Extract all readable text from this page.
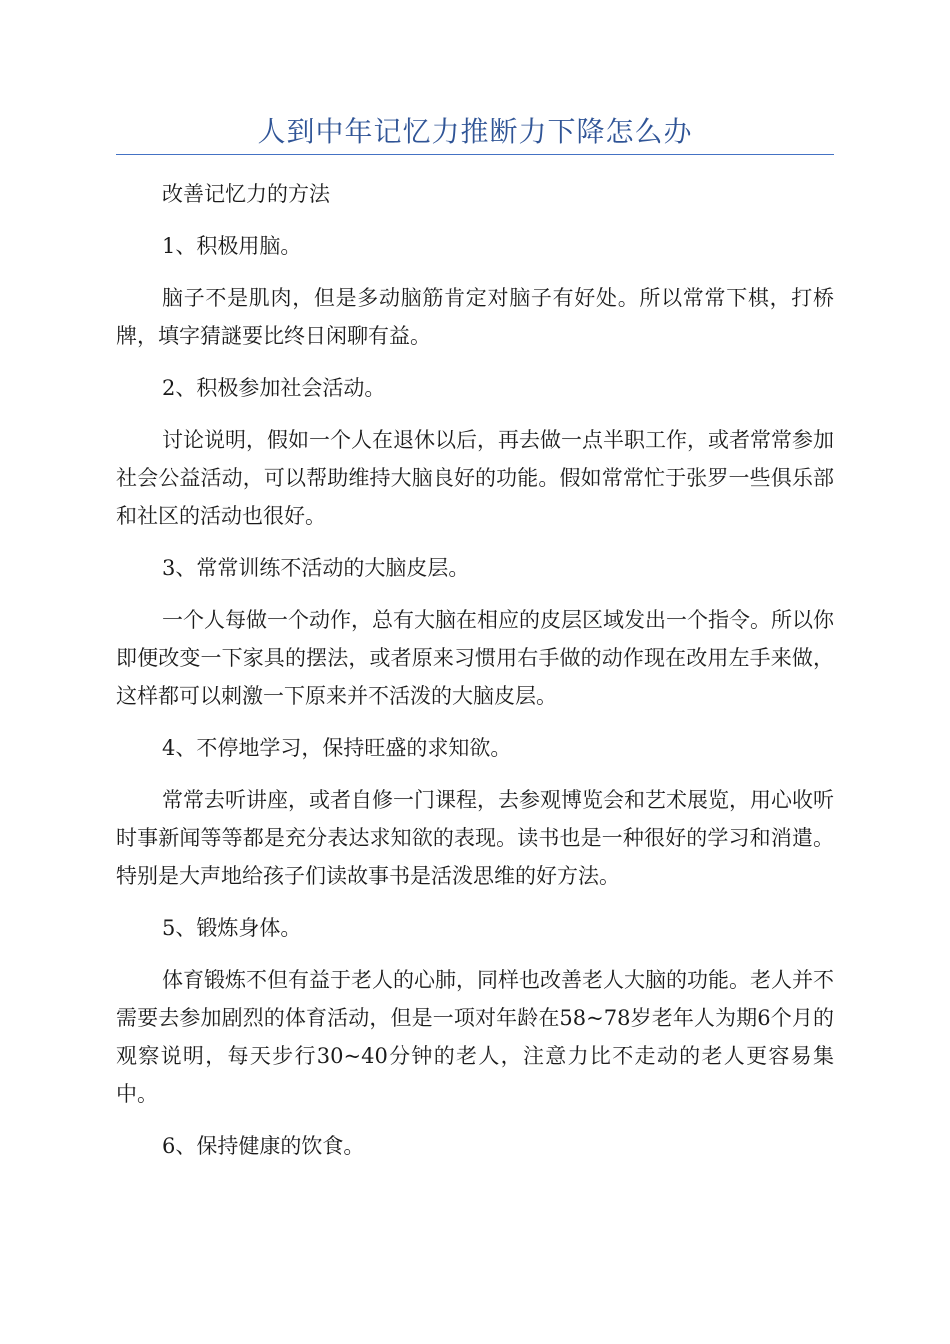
人到中年记忆力推断力下降怎么办

改善记忆力的方法

1、积极用脑。

脑子不是肌肉，但是多动脑筋肯定对脑子有好处。所以常常下棋，打桥牌，填字猜謎要比终日闲聊有益。

2、积极参加社会活动。

讨论说明，假如一个人在退休以后，再去做一点半职工作，或者常常参加社会公益活动，可以帮助维持大脑良好的功能。假如常常忙于张罗一些俱乐部和社区的活动也很好。

3、常常训练不活动的大脑皮层。

一个人每做一个动作，总有大脑在相应的皮层区域发出一个指令。所以你即便改变一下家具的摆法，或者原来习惯用右手做的动作现在改用左手来做，这样都可以刺激一下原来并不活泼的大脑皮层。

4、不停地学习，保持旺盛的求知欲。

常常去听讲座，或者自修一门课程，去参观博览会和艺术展览，用心收听时事新闻等等都是充分表达求知欲的表现。读书也是一种很好的学习和消遣。特别是大声地给孩子们读故事书是活泼思维的好方法。

5、锻炼身体。

体育锻炼不但有益于老人的心肺，同样也改善老人大脑的功能。老人并不需要去参加剧烈的体育活动，但是一项对年龄在58~78岁老年人为期6个月的观察说明，每天步行30~40分钟的老人，注意力比不走动的老人更容易集中。

6、保持健康的饮食。
